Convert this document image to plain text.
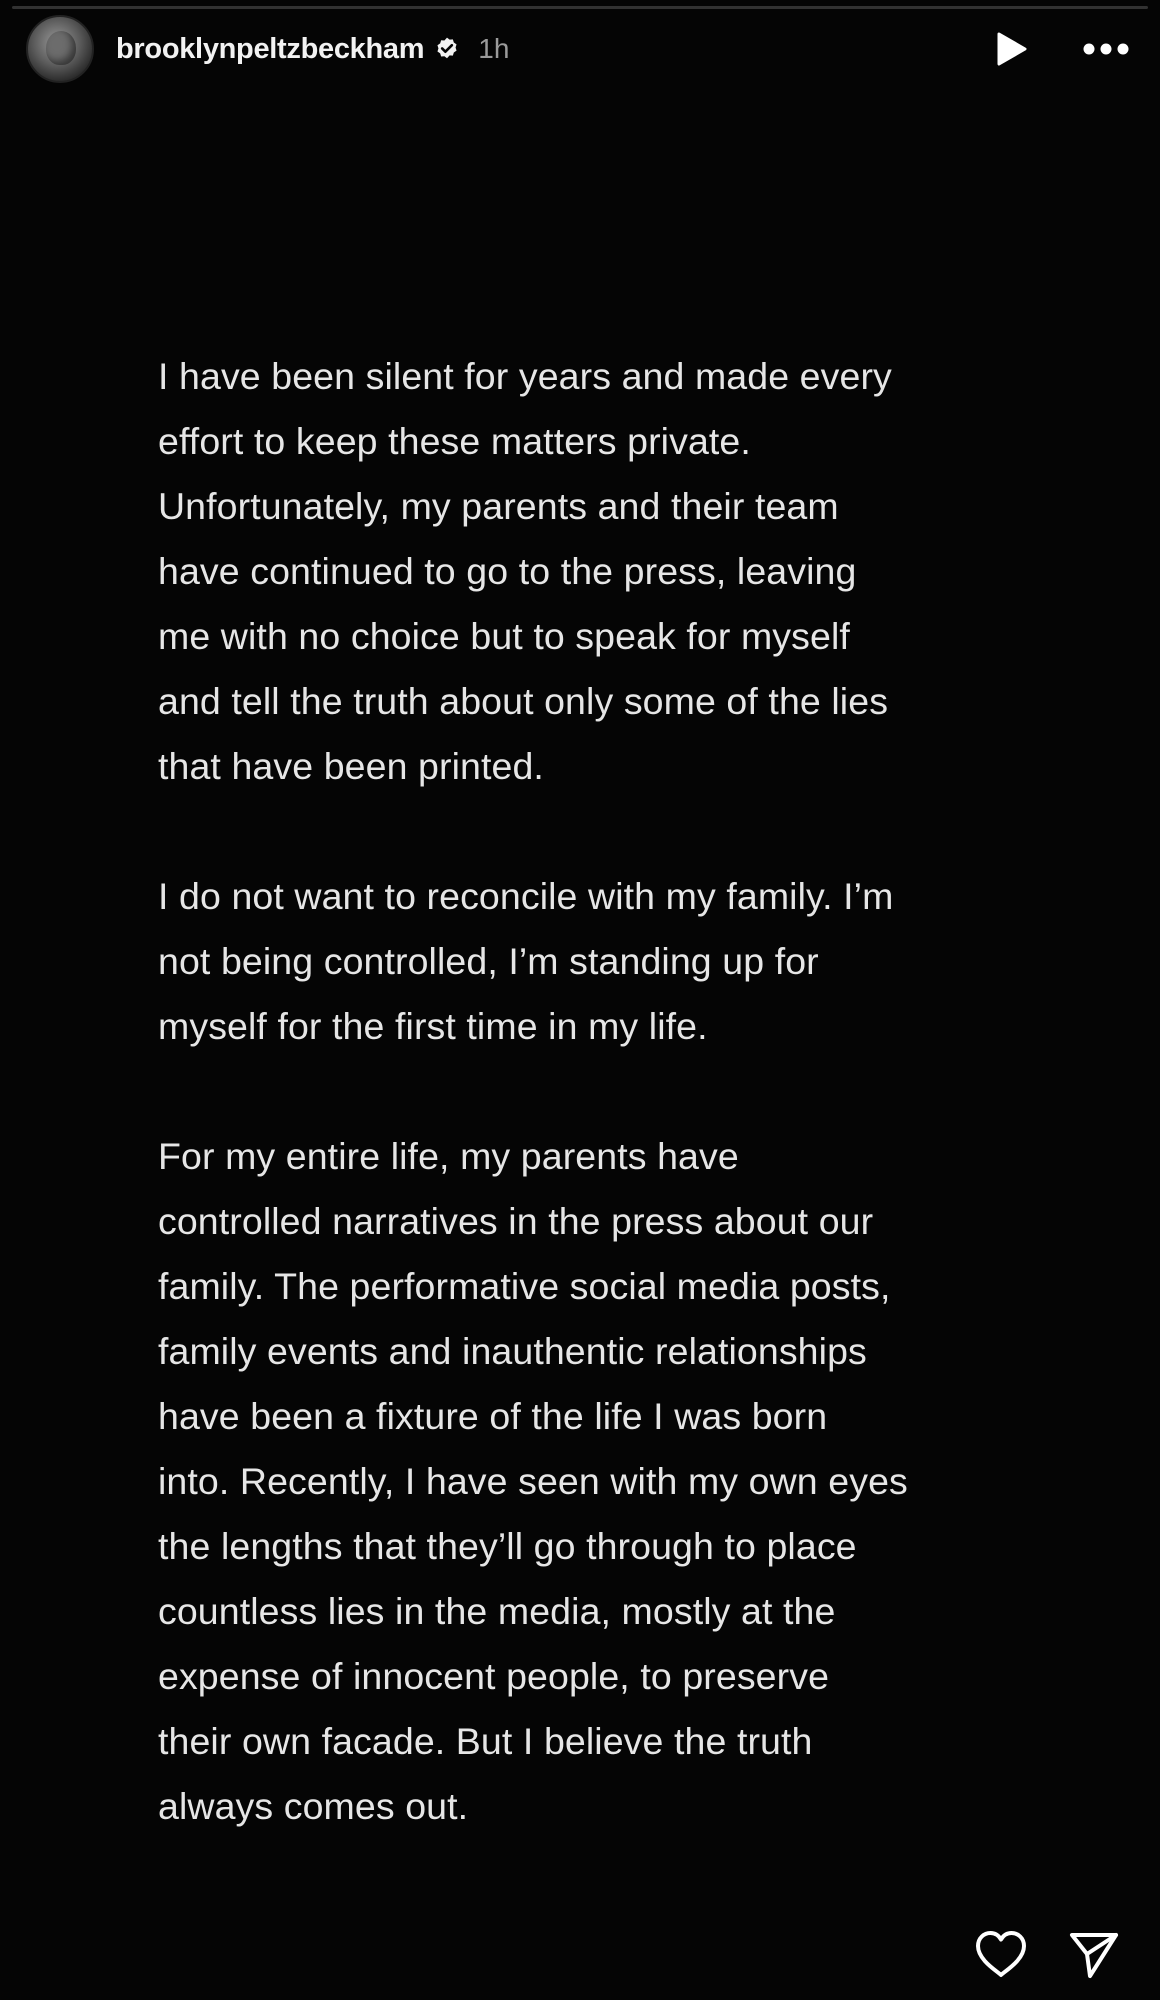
brooklynpeltzbeckham 1h

I have been silent for years and made every
effort to keep these matters private.
Unfortunately, my parents and their team
have continued to go to the press, leaving
me with no choice but to speak for myself
and tell the truth about only some of the lies
that have been printed.

I do not want to reconcile with my family. I’m
not being controlled, I’m standing up for
myself for the first time in my life.

For my entire life, my parents have
controlled narratives in the press about our
family. The performative social media posts,
family events and inauthentic relationships
have been a fixture of the life I was born
into. Recently, I have seen with my own eyes
the lengths that they’ll go through to place
countless lies in the media, mostly at the
expense of innocent people, to preserve
their own facade. But I believe the truth
always comes out.
